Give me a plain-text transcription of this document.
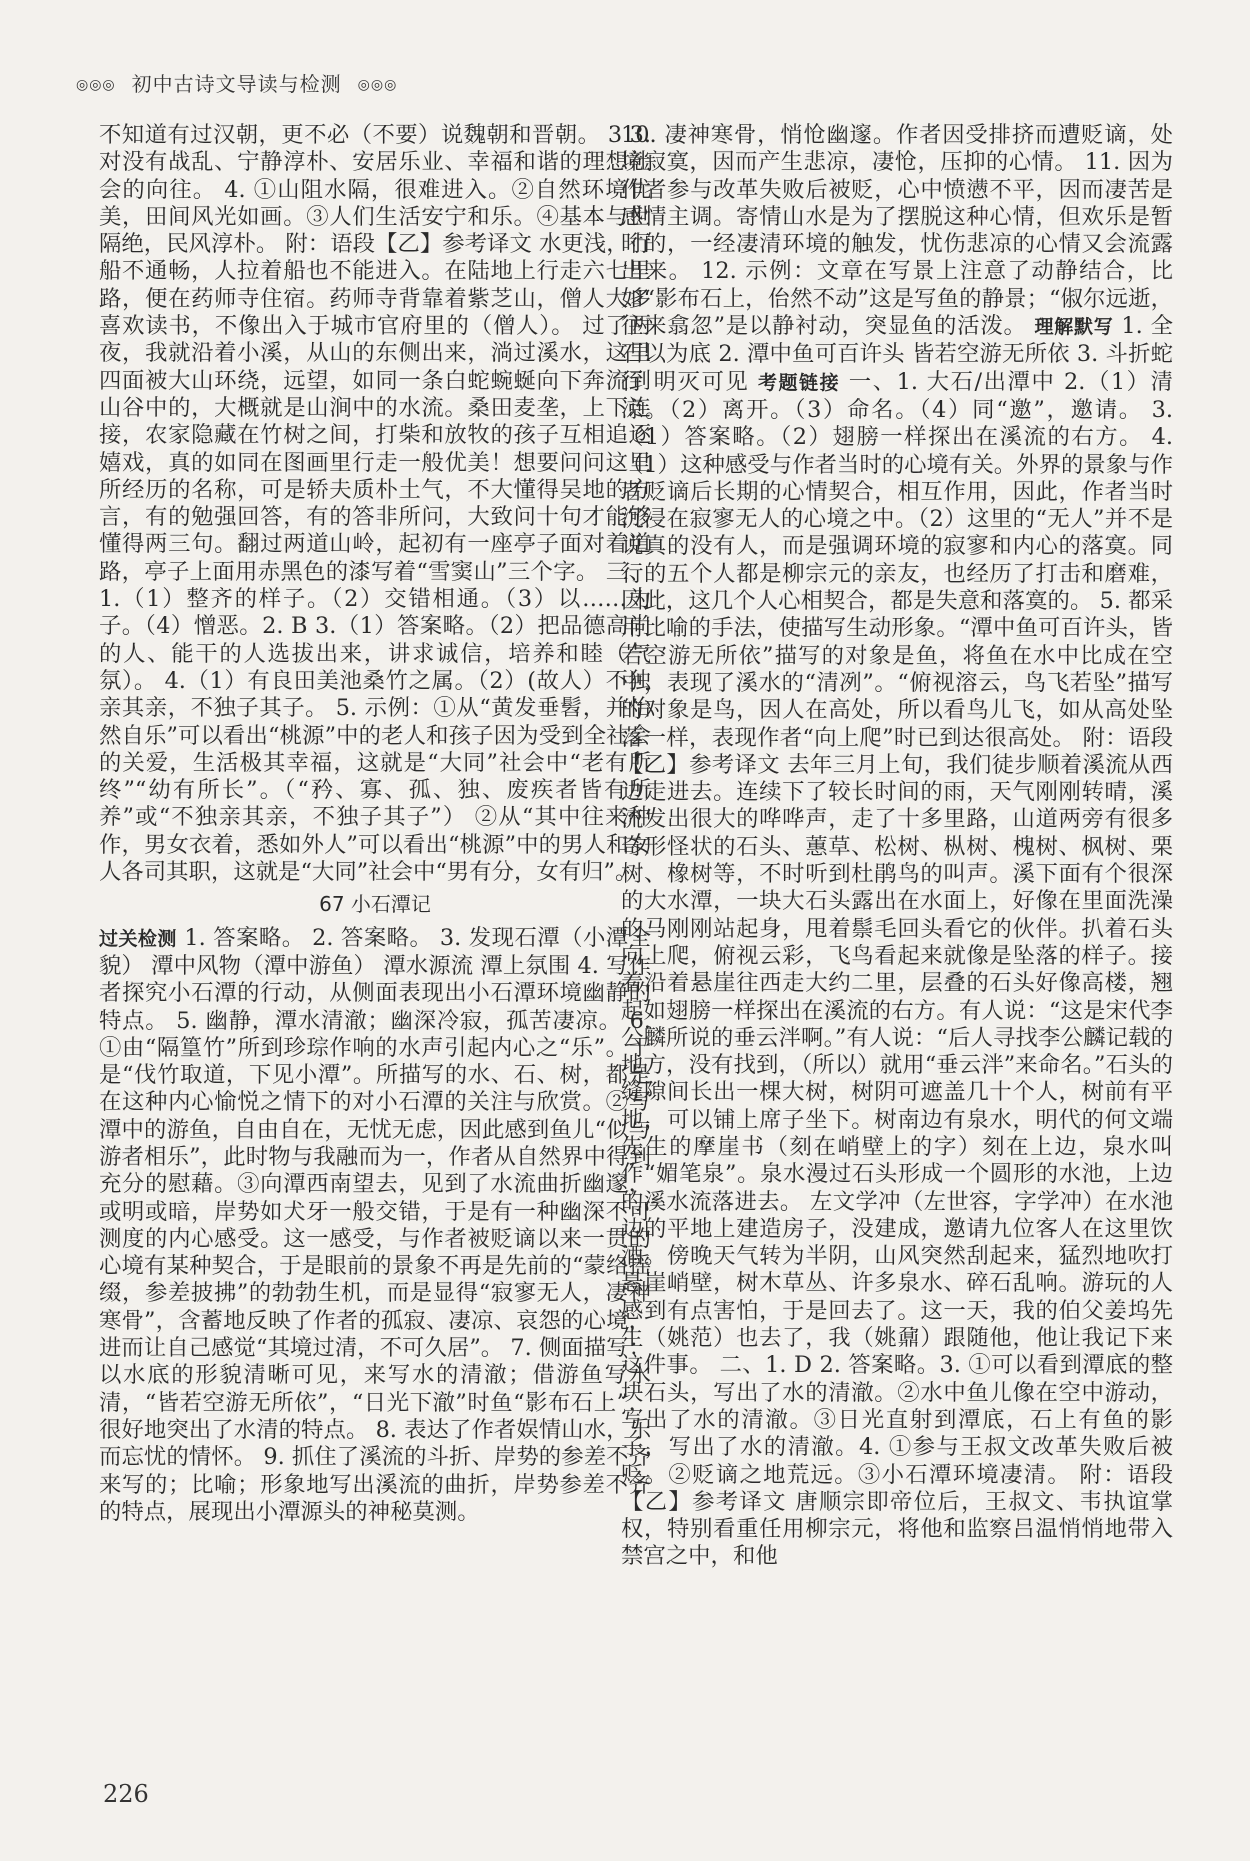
◎◎◎ 初中古诗文导读与检测 ◎◎◎

不知道有过汉朝，更不必（不要）说魏朝和晋朝。 3 3. 对没有战乱、宁静淳朴、安居乐业、幸福和谐的理想社会的向往。 4. ①山阻水隔，很难进入。②自然环境优美，田间风光如画。③人们生活安宁和乐。④基本与世隔绝，民风淳朴。 附：语段【乙】参考译文 水更浅，行船不通畅，人拉着船也不能进入。在陆地上行走六七里路，便在药师寺住宿。药师寺背靠着紫芝山，僧人大多喜欢读书，不像出入于城市官府里的（僧人）。 过了两夜，我就沿着小溪，从山的东侧出来，淌过溪水，这里四面被大山环绕，远望，如同一条白蛇蜿蜒向下奔流到山谷中的，大概就是山涧中的水流。桑田麦垄，上下连接，农家隐藏在竹树之间，打柴和放牧的孩子互相追逐嬉戏，真的如同在图画里行走一般优美！想要问问这里所经历的名称，可是轿夫质朴土气，不大懂得吴地的方言，有的勉强回答，有的答非所问，大致问十句才能够懂得两三句。翻过两道山岭，起初有一座亭子面对着道路，亭子上面用赤黑色的漆写着“雪窦山”三个字。 三、1.（1）整齐的样子。（2）交错相通。（3）以……为子。（4）憎恶。2. B 3.（1）答案略。（2）把品德高尚的人、能干的人选拔出来，讲求诚信，培养和睦（气氛）。 4.（1）有良田美池桑竹之属。（2）(故人）不独亲其亲，不独子其子。 5. 示例：①从“黄发垂髫，并怡然自乐”可以看出“桃源”中的老人和孩子因为受到全社会的关爱，生活极其幸福，这就是“大同”社会中“老有所终”“幼有所长”。（“矜、寡、孤、独、废疾者皆有所养”或“不独亲其亲，不独子其子”） ②从“其中往来种作，男女衣着，悉如外人”可以看出“桃源”中的男人和女人各司其职，这就是“大同”社会中“男有分，女有归”。

67 小石潭记

过关检测 1. 答案略。 2. 答案略。 3. 发现石潭（小潭全貌） 潭中风物（潭中游鱼） 潭水源流 潭上氛围 4. 写作者探究小石潭的行动，从侧面表现出小石潭环境幽静的特点。 5. 幽静，潭水清澈；幽深冷寂，孤苦凄凉。 6. ①由“隔篁竹”所到珍琮作响的水声引起内心之“乐”。于是“伐竹取道，下见小潭”。所描写的水、石、树，都是在这种内心愉悦之情下的对小石潭的关注与欣赏。②写潭中的游鱼，自由自在，无忧无虑，因此感到鱼儿“似与游者相乐”，此时物与我融而为一，作者从自然界中得到充分的慰藉。③向潭西南望去，见到了水流曲折幽邃，或明或暗，岸势如犬牙一般交错，于是有一种幽深不可测度的内心感受。这一感受，与作者被贬谪以来一贯的心境有某种契合，于是眼前的景象不再是先前的“蒙络摇缀，参差披拂”的勃勃生机，而是显得“寂寥无人，凄神寒骨”，含蓄地反映了作者的孤寂、凄凉、哀怨的心境，进而让自己感觉“其境过清，不可久居”。 7. 侧面描写：以水底的形貌清晰可见，来写水的清澈；借游鱼写水清，“皆若空游无所依”，“日光下澈”时鱼“影布石上”，很好地突出了水清的特点。 8. 表达了作者娱情山水，乐而忘忧的情怀。 9. 抓住了溪流的斗折、岸势的参差不齐来写的；比喻；形象地写出溪流的曲折，岸势参差不齐的特点，展现出小潭源头的神秘莫测。

10. 凄神寒骨，悄怆幽邃。作者因受排挤而遭贬谪，处境寂寞，因而产生悲凉，凄怆，压抑的心情。 11. 因为作者参与改革失败后被贬，心中愤懑不平，因而凄苦是感情主调。寄情山水是为了摆脱这种心情，但欢乐是暂时的，一经凄清环境的触发，忧伤悲凉的心情又会流露出来。 12. 示例：文章在写景上注意了动静结合，比如“影布石上，佁然不动”这是写鱼的静景；“俶尔远逝，往来翕忽”是以静衬动，突显鱼的活泼。 理解默写 1. 全石以为底 2. 潭中鱼可百许头 皆若空游无所依 3. 斗折蛇行 明灭可见 考题链接 一、1. 大石/出潭中 2.（1）清凉。（2）离开。（3）命名。（4）同“邀”，邀请。 3.（1）答案略。（2）翅膀一样探出在溪流的右方。 4.（1）这种感受与作者当时的心境有关。外界的景象与作者贬谪后长期的心情契合，相互作用，因此，作者当时沉浸在寂寥无人的心境之中。（2）这里的“无人”并不是说真的没有人，而是强调环境的寂寥和内心的落寞。同行的五个人都是柳宗元的亲友，也经历了打击和磨难，因此，这几个人心相契合，都是失意和落寞的。 5. 都采用比喻的手法，使描写生动形象。“潭中鱼可百许头，皆若空游无所依”描写的对象是鱼，将鱼在水中比成在空中，表现了溪水的“清冽”。“俯视溶云，鸟飞若坠”描写的对象是鸟，因人在高处，所以看鸟儿飞，如从高处坠落一样，表现作者“向上爬”时已到达很高处。 附：语段【乙】参考译文 去年三月上旬，我们徒步顺着溪流从西边走进去。连续下了较长时间的雨，天气刚刚转晴，溪流发出很大的哗哗声，走了十多里路，山道两旁有很多奇形怪状的石头、蕙草、松树、枞树、槐树、枫树、栗树、橡树等，不时听到杜鹃鸟的叫声。溪下面有个很深的大水潭，一块大石头露出在水面上，好像在里面洗澡的马刚刚站起身，甩着鬃毛回头看它的伙伴。扒着石头向上爬，俯视云彩，飞鸟看起来就像是坠落的样子。接着沿着悬崖往西走大约二里，层叠的石头好像高楼，翘起如翅膀一样探出在溪流的右方。有人说：“这是宋代李公麟所说的垂云泮啊。”有人说：“后人寻找李公麟记载的地方，没有找到，（所以）就用“垂云泮”来命名。”石头的缝隙间长出一棵大树，树阴可遮盖几十个人，树前有平地，可以铺上席子坐下。树南边有泉水，明代的何文端先生的摩崖书（刻在峭壁上的字）刻在上边，泉水叫作“媚笔泉”。泉水漫过石头形成一个圆形的水池，上边的溪水流落进去。 左文学冲（左世容，字学冲）在水池边的平地上建造房子，没建成，邀请九位客人在这里饮酒。傍晚天气转为半阴，山风突然刮起来，猛烈地吹打悬崖峭壁，树木草丛、许多泉水、碎石乱响。游玩的人感到有点害怕，于是回去了。这一天，我的伯父姜坞先生（姚范）也去了，我（姚鼐）跟随他，他让我记下来这件事。 二、1. D 2. 答案略。3. ①可以看到潭底的整块石头，写出了水的清澈。②水中鱼儿像在空中游动，写出了水的清澈。③日光直射到潭底，石上有鱼的影子，写出了水的清澈。4. ①参与王叔文改革失败后被贬。②贬谪之地荒远。③小石潭环境凄清。 附：语段【乙】参考译文 唐顺宗即帝位后，王叔文、韦执谊掌权，特别看重任用柳宗元，将他和监察吕温悄悄地带入禁宫之中，和他

226
